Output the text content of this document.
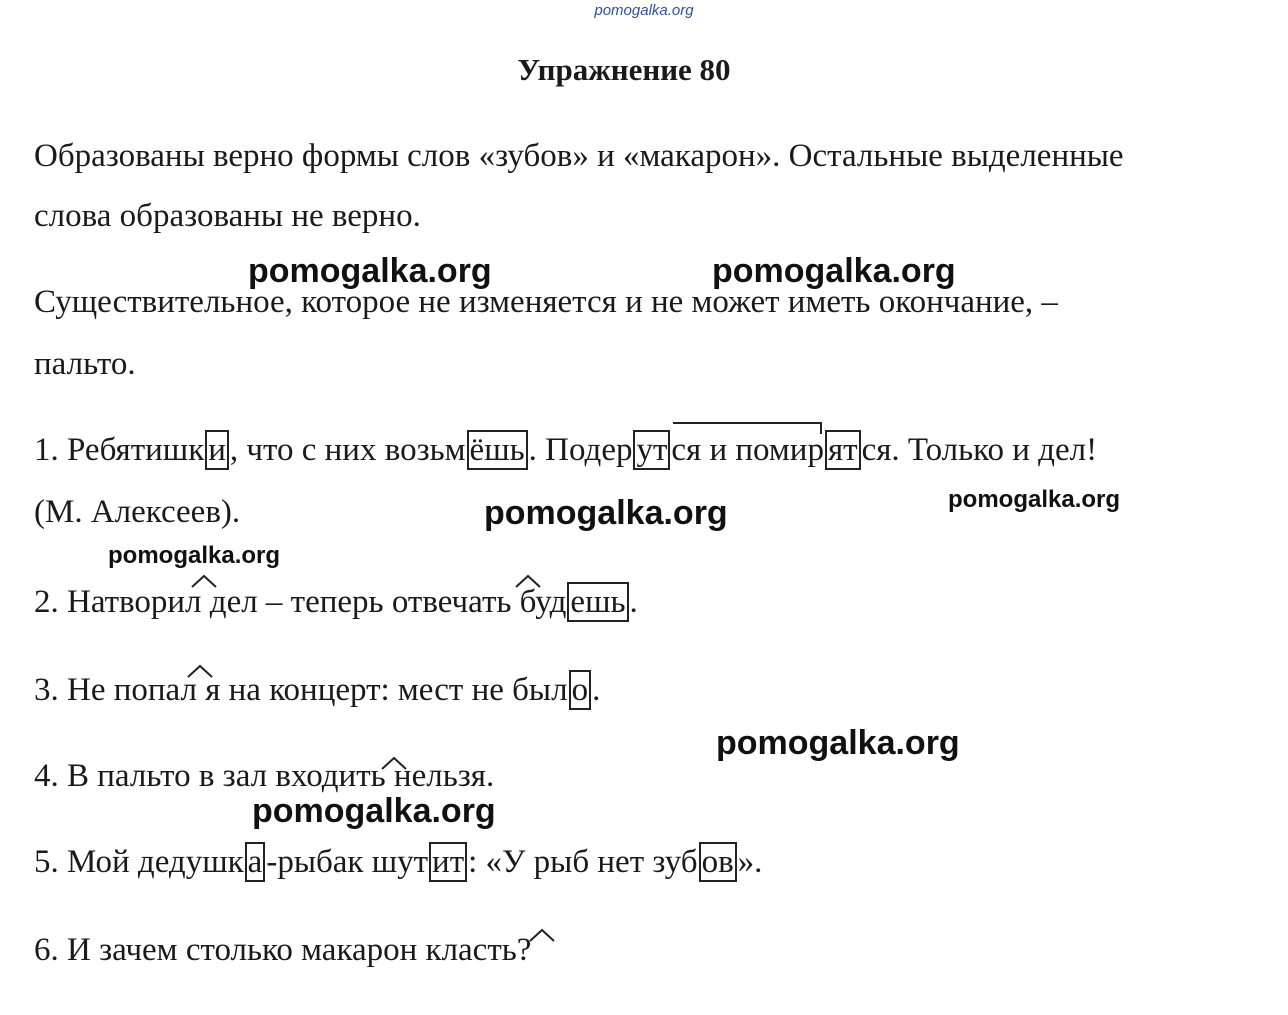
pomogalka.org
Упражнение 80
Образованы верно формы слов «зубов» и «макарон». Остальные выделенные
слова образованы не верно.
Существительное, которое не изменяется и не может иметь окончание, –
пальто.
1. Ребятишк и , что с них возьм ёшь . Подер ут ся и помир ят ся. Только и дел!
(М. Алексеев).
2. Натворил дел – теперь отвечать буд ешь .
3. Не попал я на концерт: мест не был о .
4. В пальто в зал входить нельзя.
5. Мой дедушк а -рыбак шут ит : «У рыб нет зуб ов ».
6. И зачем столько макарон класть?
pomogalka.org	pomogalka.org
pomogalka.org	pomogalka.org
pomogalka.org
pomogalka.org
pomogalka.org
